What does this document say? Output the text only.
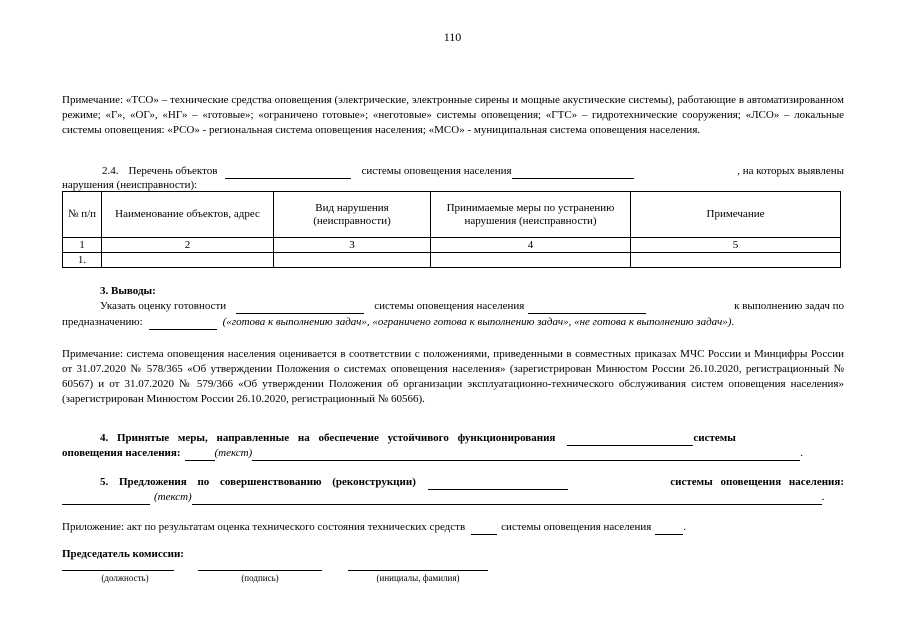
110
Примечание: «ТСО» – технические средства оповещения (электрические, электронные сирены и мощные акустические системы), работающие в автоматизированном режиме; «Г», «ОГ», «НГ» – «готовые»; «ограничено готовые»; «неготовые» системы оповещения; «ГТС» – гидротехнические сооружения; «ЛСО» – локальные системы оповещения: «РСО» - региональная система оповещения населения; «МСО» - муниципальная система оповещения населения.
2.4. Перечень объектов	системы оповещения населения	, на которых выявлены
нарушения (неисправности):
№ п/п	Наименование объектов, адрес	Вид нарушения (неисправности)	Принимаемые меры по устранению нарушения (неисправности)	Примечание
1	2	3	4	5
1.				
3. Выводы:
Указать оценку готовности	системы оповещения населения	к выполнению задач по
предназначению:	(«готова к выполнению задач», «ограничено готова к выполнению задач», «не готова к выполнению задач») .
Примечание: система оповещения населения оценивается в соответствии с положениями, приведенными в совместных приказах МЧС России и Минцифры России от 31.07.2020 № 578/365 «Об утверждении Положения о системах оповещения населения» (зарегистрирован Минюстом России 26.10.2020, регистрационный № 60567) и от 31.07.2020 № 579/366 «Об утверждении Положения об организации эксплуатационно-технического обслуживания систем оповещения населения» (зарегистрирован Минюстом России 26.10.2020, регистрационный № 60566).
4. Принятые меры, направленные на обеспечение устойчивого функционирования	системы
оповещения населения:	(текст)	.
5. Предложения по совершенствованию (реконструкции)	системы оповещения населения:
(текст)	.
Приложение: акт по результатам оценка технического состояния технических средств	системы оповещения населения	.
Председатель комиссии:
(должность)	(подпись)	(инициалы, фамилия)
